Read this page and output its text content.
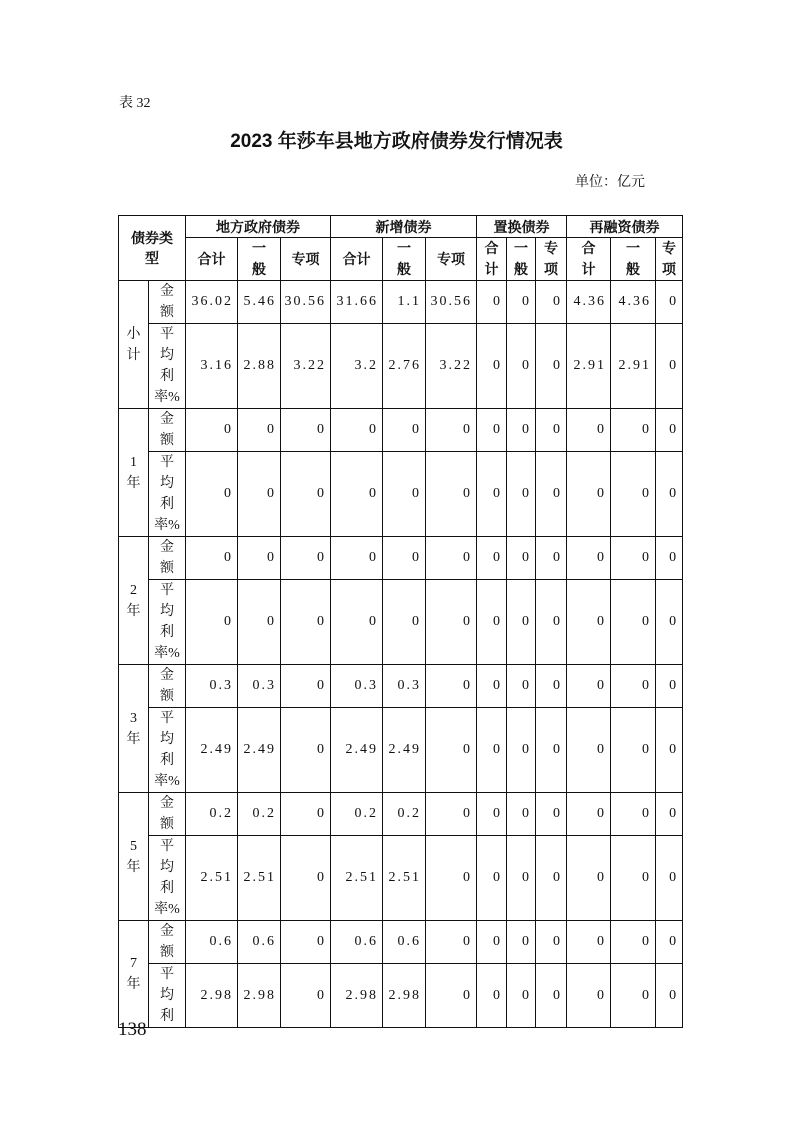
表 32
2023 年莎车县地方政府债券发行情况表
单位：亿元
债券类型		地方政府债券			新增债券			置换债券			再融资债券		
		合计	一般	专项	合计	一般	专项	合计	一般	专项	合计	一般	专项
小计	金额	36.02	5.46	30.56	31.66	1.1	30.56	0	0	0	4.36	4.36	0
	平均利率%	3.16	2.88	3.22	3.2	2.76	3.22	0	0	0	2.91	2.91	0
1年	金额	0	0	0	0	0	0	0	0	0	0	0	0
	平均利率%	0	0	0	0	0	0	0	0	0	0	0	0
2年	金额	0	0	0	0	0	0	0	0	0	0	0	0
	平均利率%	0	0	0	0	0	0	0	0	0	0	0	0
3年	金额	0.3	0.3	0	0.3	0.3	0	0	0	0	0	0	0
	平均利率%	2.49	2.49	0	2.49	2.49	0	0	0	0	0	0	0
5年	金额	0.2	0.2	0	0.2	0.2	0	0	0	0	0	0	0
	平均利率%	2.51	2.51	0	2.51	2.51	0	0	0	0	0	0	0
7年	金额	0.6	0.6	0	0.6	0.6	0	0	0	0	0	0	0
	平均利	2.98	2.98	0	2.98	2.98	0	0	0	0	0	0	0
138
